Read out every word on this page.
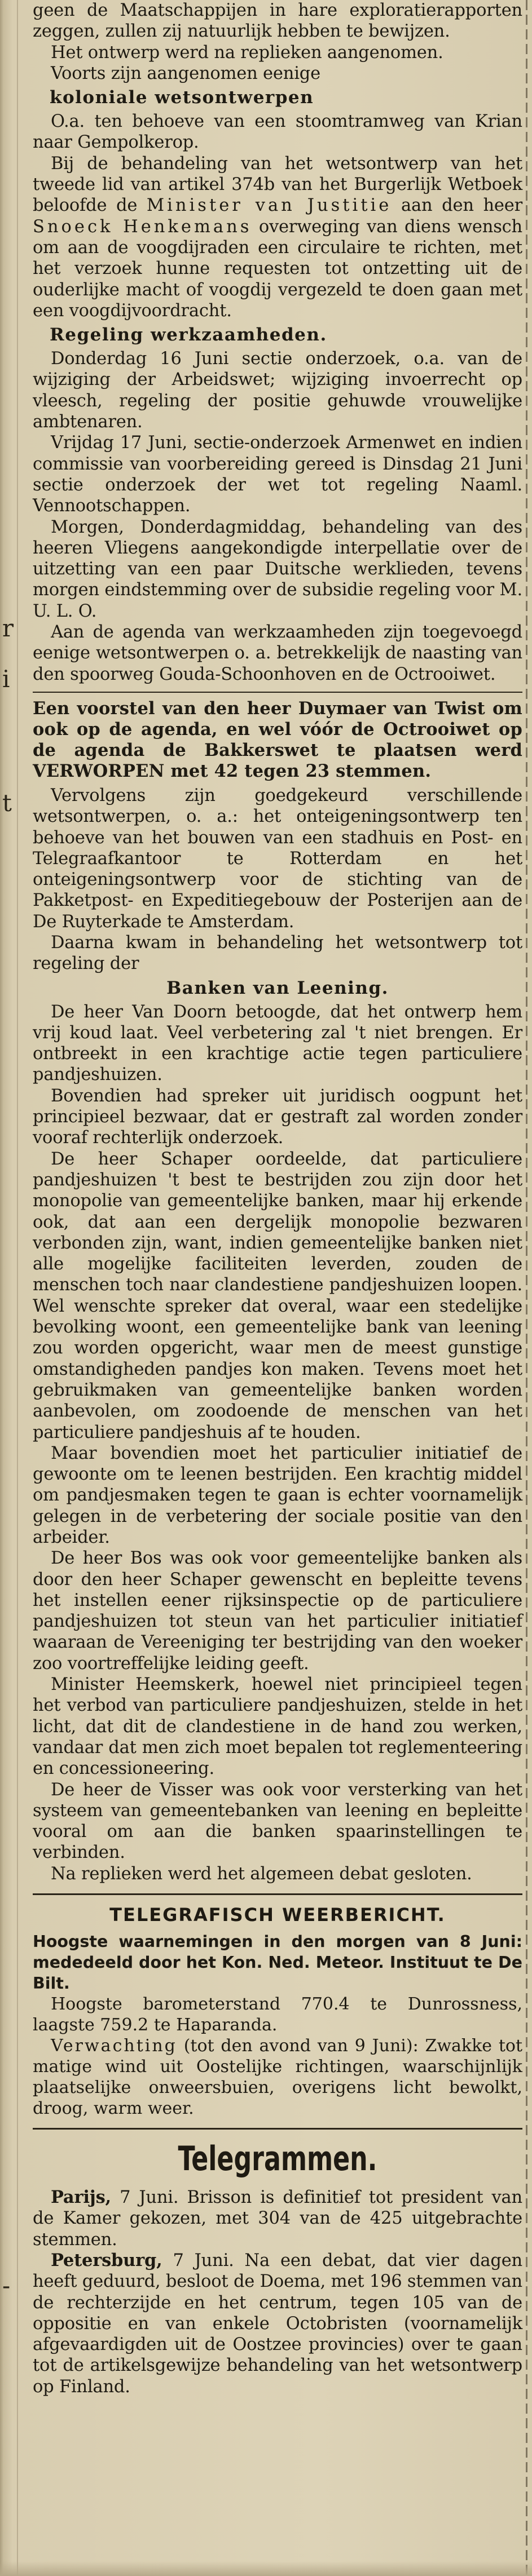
r
i
t
-

geen de Maatschappijen in hare exploratierapporten zeggen, zullen zij natuurlijk hebben te bewijzen.

Het ontwerp werd na replieken aangenomen.

Voorts zijn aangenomen eenige

koloniale wetsontwerpen

O.a. ten behoeve van een stoomtramweg van Krian naar Gempolkerop.

Bij de behandeling van het wetsontwerp van het tweede lid van artikel 374b van het Burgerlijk Wetboek beloofde de Minister van Justitie aan den heer Snoeck Henkemans overweging van diens wensch om aan de voogdijraden een circulaire te richten, met het verzoek hunne requesten tot ontzetting uit de ouderlijke macht of voogdij vergezeld te doen gaan met een voogdijvoordracht.

Regeling werkzaamheden.

Donderdag 16 Juni sectie onderzoek, o.a. van de wijziging der Arbeidswet; wijziging invoerrecht op vleesch, regeling der positie gehuwde vrouwelijke ambtenaren.

Vrijdag 17 Juni, sectie-onderzoek Armenwet en indien commissie van voorbereiding gereed is Dinsdag 21 Juni sectie onderzoek der wet tot regeling Naaml. Vennootschappen.

Morgen, Donderdagmiddag, behandeling van des heeren Vliegens aangekondigde interpellatie over de uitzetting van een paar Duitsche werklieden, tevens morgen eindstemming over de subsidie regeling voor M. U. L. O.

Aan de agenda van werkzaamheden zijn toegevoegd eenige wetsontwerpen o. a. betrekkelijk de naasting van den spoorweg Gouda-Schoonhoven en de Octrooiwet.

Een voorstel van den heer Duymaer van Twist om ook op de agenda, en wel vóór de Octrooiwet op de agenda de Bakkerswet te plaatsen werd VERWORPEN met 42 tegen 23 stemmen.

Vervolgens zijn goedgekeurd verschillende wetsontwerpen, o. a.: het onteigeningsontwerp ten behoeve van het bouwen van een stadhuis en Post- en Telegraafkantoor te Rotterdam en het onteigeningsontwerp voor de stichting van de Pakketpost- en Expeditiegebouw der Posterijen aan de De Ruyterkade te Amsterdam.

Daarna kwam in behandeling het wetsontwerp tot regeling der

Banken van Leening.

De heer Van Doorn betoogde, dat het ontwerp hem vrij koud laat. Veel verbetering zal 't niet brengen. Er ontbreekt in een krachtige actie tegen particuliere pandjeshuizen.

Bovendien had spreker uit juridisch oogpunt het principieel bezwaar, dat er gestraft zal worden zonder vooraf rechterlijk onderzoek.

De heer Schaper oordeelde, dat particuliere pandjeshuizen 't best te bestrijden zou zijn door het monopolie van gemeentelijke banken, maar hij erkende ook, dat aan een dergelijk monopolie bezwaren verbonden zijn, want, indien gemeentelijke banken niet alle mogelijke faciliteiten leverden, zouden de menschen toch naar clandestiene pandjeshuizen loopen. Wel wenschte spreker dat overal, waar een stedelijke bevolking woont, een gemeentelijke bank van leening zou worden opgericht, waar men de meest gunstige omstandigheden pandjes kon maken. Tevens moet het gebruikmaken van gemeentelijke banken worden aanbevolen, om zoodoende de menschen van het particuliere pandjeshuis af te houden.

Maar bovendien moet het particulier initiatief de gewoonte om te leenen bestrijden. Een krachtig middel om pandjesmaken tegen te gaan is echter voornamelijk gelegen in de verbetering der sociale positie van den arbeider.

De heer Bos was ook voor gemeentelijke banken als door den heer Schaper gewenscht en bepleitte tevens het instellen eener rijksinspectie op de particuliere pandjeshuizen tot steun van het particulier initiatief waaraan de Vereeniging ter bestrijding van den woeker zoo voortreffelijke leiding geeft.

Minister Heemskerk, hoewel niet principieel tegen het verbod van particuliere pandjeshuizen, stelde in het licht, dat dit de clandestiene in de hand zou werken, vandaar dat men zich moet bepalen tot reglementeering en concessioneering.

De heer de Visser was ook voor versterking van het systeem van gemeentebanken van leening en bepleitte vooral om aan die banken spaarinstellingen te verbinden.

Na replieken werd het algemeen debat gesloten.

TELEGRAFISCH WEERBERICHT.

Hoogste waarnemingen in den morgen van 8 Juni: mededeeld door het Kon. Ned. Meteor. Instituut te De Bilt.

Hoogste barometerstand 770.4 te Dunrossness, laagste 759.2 te Haparanda.

Verwachting (tot den avond van 9 Juni): Zwakke tot matige wind uit Oostelijke richtingen, waarschijnlijk plaatselijke onweersbuien, overigens licht bewolkt, droog, warm weer.

Telegrammen.

Parijs, 7 Juni. Brisson is definitief tot president van de Kamer gekozen, met 304 van de 425 uitgebrachte stemmen.

Petersburg, 7 Juni. Na een debat, dat vier dagen heeft geduurd, besloot de Doema, met 196 stemmen van de rechterzijde en het centrum, tegen 105 van de oppositie en van enkele Octobristen (voornamelijk afgevaardigden uit de Oostzee provincies) over te gaan tot de artikelsgewijze behandeling van het wetsontwerp op Finland.
